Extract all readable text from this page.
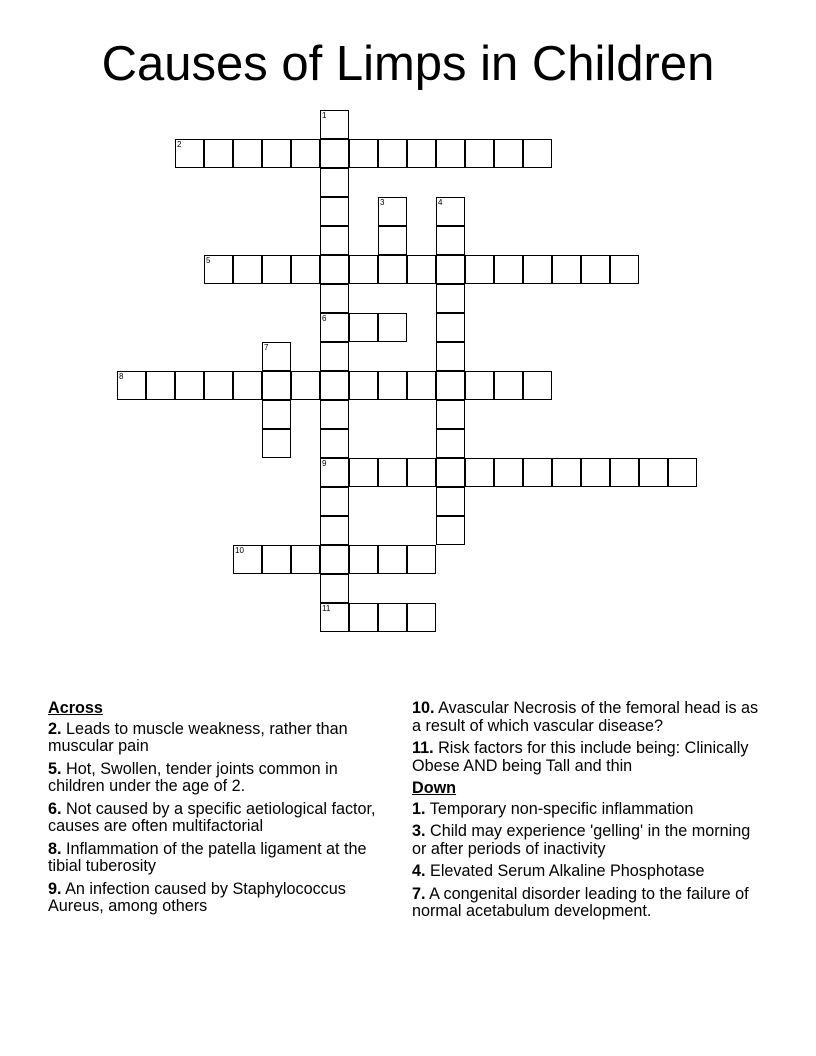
Causes of Limps in Children
2
5
6
8
9
10
11
1
3	4
7
Across
2. Leads to muscle weakness, rather than muscular pain
5. Hot, Swollen, tender joints common in children under the age of 2.
6. Not caused by a specific aetiological factor, causes are often multifactorial
8. Inflammation of the patella ligament at the tibial tuberosity
9. An infection caused by Staphylococcus Aureus, among others
10. Avascular Necrosis of the femoral head is as a result of which vascular disease?
11. Risk factors for this include being: Clinically Obese AND being Tall and thin
Down
1. Temporary non-specific inflammation
3. Child may experience 'gelling' in the morning or after periods of inactivity
4. Elevated Serum Alkaline Phosphotase
7. A congenital disorder leading to the failure of normal acetabulum development.
